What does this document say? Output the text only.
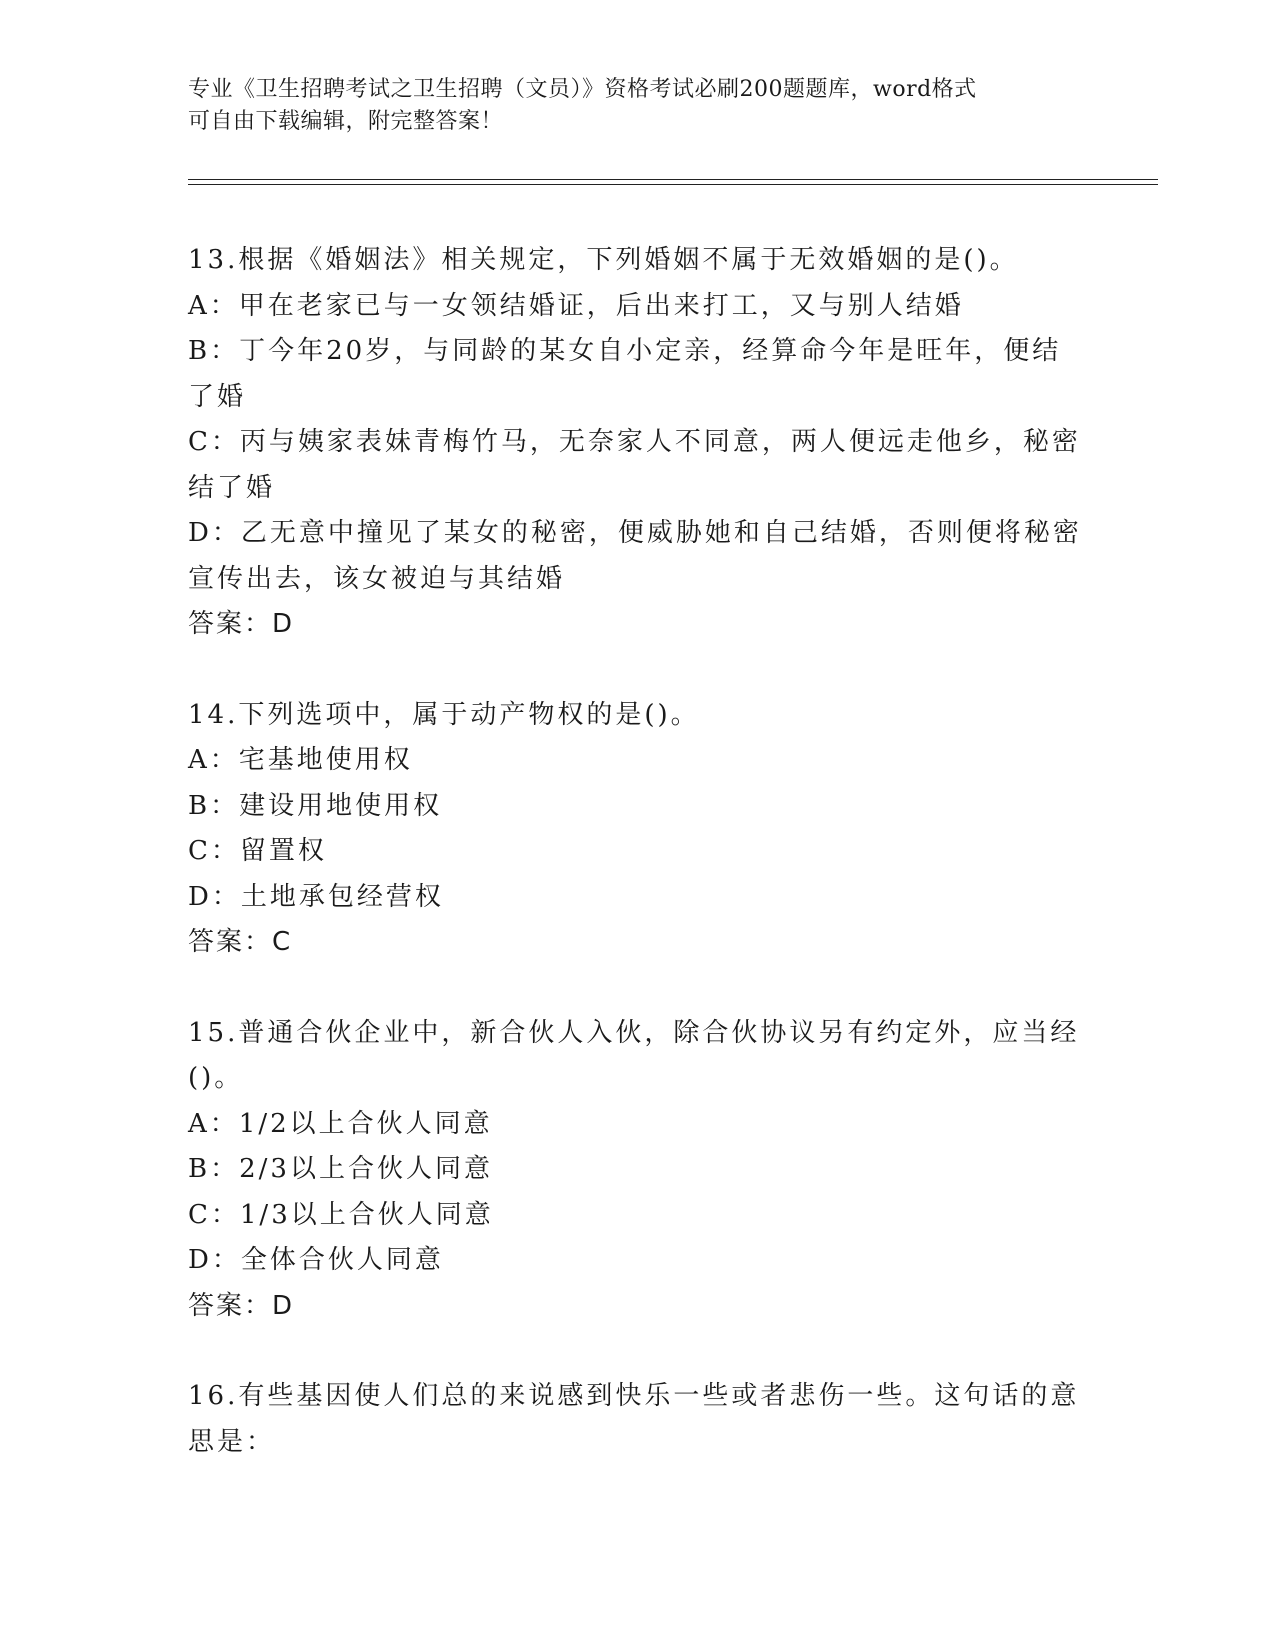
专业《卫生招聘考试之卫生招聘（文员）》资格考试必刷200题题库，word格式
可自由下载编辑，附完整答案！

13.根据《婚姻法》相关规定，下列婚姻不属于无效婚姻的是()。

A：甲在老家已与一女领结婚证，后出来打工，又与别人结婚

B：丁今年20岁，与同龄的某女自小定亲，经算命今年是旺年，便结了婚

C：丙与姨家表妹青梅竹马，无奈家人不同意，两人便远走他乡，秘密结了婚

D：乙无意中撞见了某女的秘密，便威胁她和自己结婚，否则便将秘密宣传出去，该女被迫与其结婚

答案：D

14.下列选项中，属于动产物权的是()。

A：宅基地使用权

B：建设用地使用权

C：留置权

D：土地承包经营权

答案：C

15.普通合伙企业中，新合伙人入伙，除合伙协议另有约定外，应当经()。

A：1/2以上合伙人同意

B：2/3以上合伙人同意

C：1/3以上合伙人同意

D：全体合伙人同意

答案：D

16.有些基因使人们总的来说感到快乐一些或者悲伤一些。这句话的意思是：
